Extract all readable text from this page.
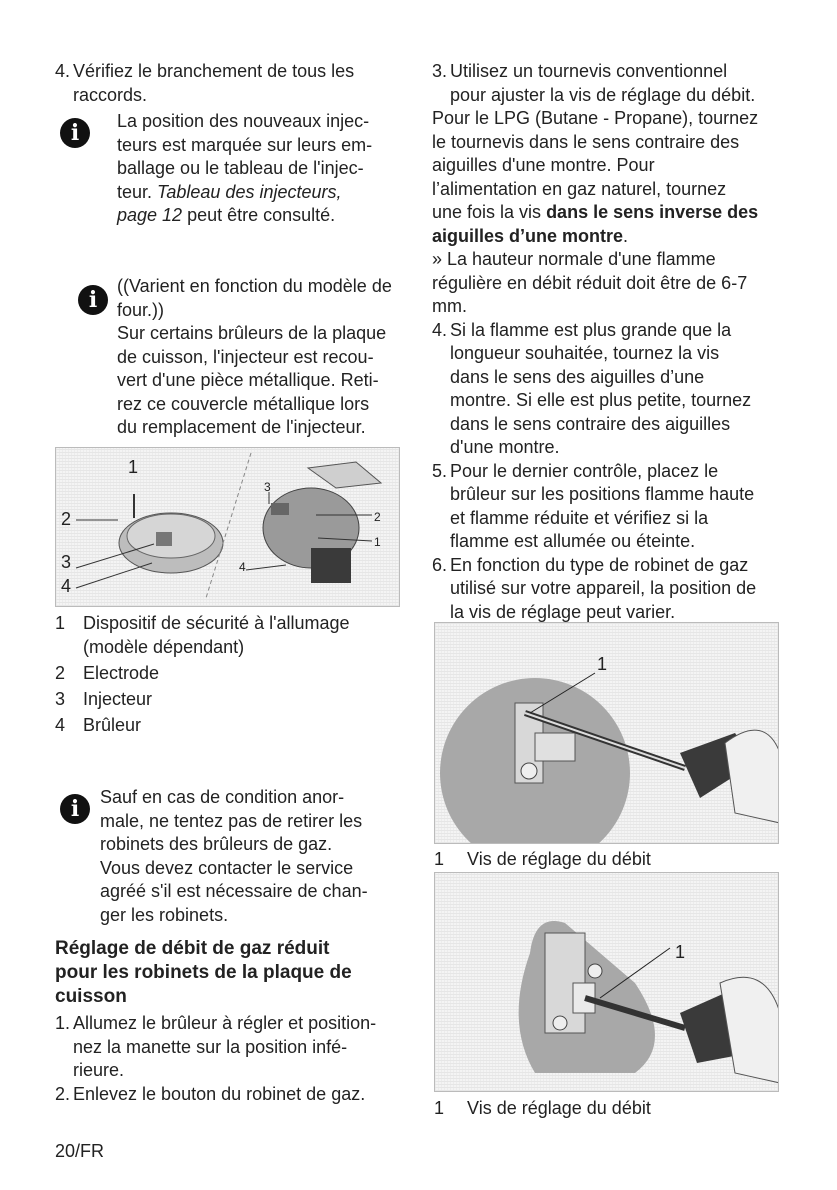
4. Vérifiez le branchement de tous les
raccords.

i	La position des nouveaux injec-

teurs est marquée sur leurs em-

ballage ou le tableau de l'injec-

teur. Tableau des injecteurs,

page 12 peut être consulté.

i

((Varient en fonction du modèle de

four.))

Sur certains brûleurs de la plaque

de cuisson, l'injecteur est recou-

vert d'une pièce métallique. Reti-

rez ce couvercle métallique lors

du remplacement de l'injecteur.

1
2
3
4
3
2
1
4
1 Dispositif de sécurité à l'allumage
(modèle dépendant)
2 Electrode
3 Injecteur
4 Brûleur
i	Sauf en cas de condition anor-

male, ne tentez pas de retirer les

robinets des brûleurs de gaz.

Vous devez contacter le service

agréé s'il est nécessaire de chan-

ger les robinets.

Réglage de débit de gaz réduit

pour les robinets de la plaque de

cuisson

1. Allumez le brûleur à régler et position-

nez la manette sur la position infé-

rieure.

2. Enlevez le bouton du robinet de gaz.

3. Utilisez un tournevis conventionnel

pour ajuster la vis de réglage du débit.

Pour le LPG (Butane - Propane), tournez

le tournevis dans le sens contraire des

aiguilles d'une montre. Pour

l’alimentation en gaz naturel, tournez

une fois la vis dans le sens inverse des

aiguilles d’une montre.

» La hauteur normale d'une flamme

régulière en débit réduit doit être de 6-7

mm.

4. Si la flamme est plus grande que la

longueur souhaitée, tournez la vis

dans le sens des aiguilles d’une

montre. Si elle est plus petite, tournez

dans le sens contraire des aiguilles

d'une montre.

5. Pour le dernier contrôle, placez le

brûleur sur les positions flamme haute

et flamme réduite et vérifiez si la

flamme est allumée ou éteinte.

6. En fonction du type de robinet de gaz

utilisé sur votre appareil, la position de

la vis de réglage peut varier.

1
1 Vis de réglage du débit
1
1 Vis de réglage du débit
20/FR
